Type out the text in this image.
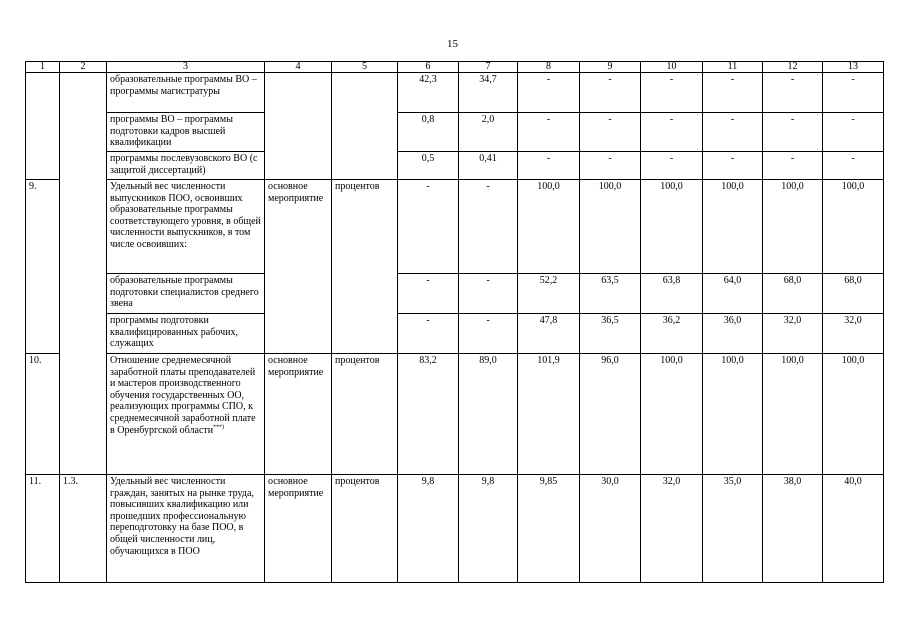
15
1	2	3	4	5	6	7	8	9	10	11	12	13
		образовательные программы ВО – программы магистратуры			42,3	34,7	-	-	-	-	-	-
		программы ВО – программы подготовки кадров высшей квалификации			0,8	2,0	-	-	-	-	-	-
		программы послевузовского ВО (с защитой диссертаций)			0,5	0,41	-	-	-	-	-	-
9.		Удельный вес численности выпускников ПОО, освоивших образовательные программы соответствующего уровня, в общей численности выпускников, в том числе освоивших:	основное мероприятие	процентов	-	-	100,0	100,0	100,0	100,0	100,0	100,0
		образовательные программы подготовки специалистов среднего звена			-	-	52,2	63,5	63,8	64,0	68,0	68,0
		программы подготовки квалифицированных рабочих, служащих			-	-	47,8	36,5	36,2	36,0	32,0	32,0
10.		Отношение среднемесячной заработной платы преподавателей и мастеров производственного обучения государственных ОО, реализующих программы СПО, к среднемесячной заработной плате в Оренбургской области***)	основное мероприятие	процентов	83,2	89,0	101,9	96,0	100,0	100,0	100,0	100,0
11.	1.3.	Удельный вес численности граждан, занятых на рынке труда, повысивших квалификацию или прошедших профессиональную переподготовку на базе ПОО, в общей численности лиц, обучающихся в ПОО	основное мероприятие	процентов	9,8	9,8	9,85	30,0	32,0	35,0	38,0	40,0
